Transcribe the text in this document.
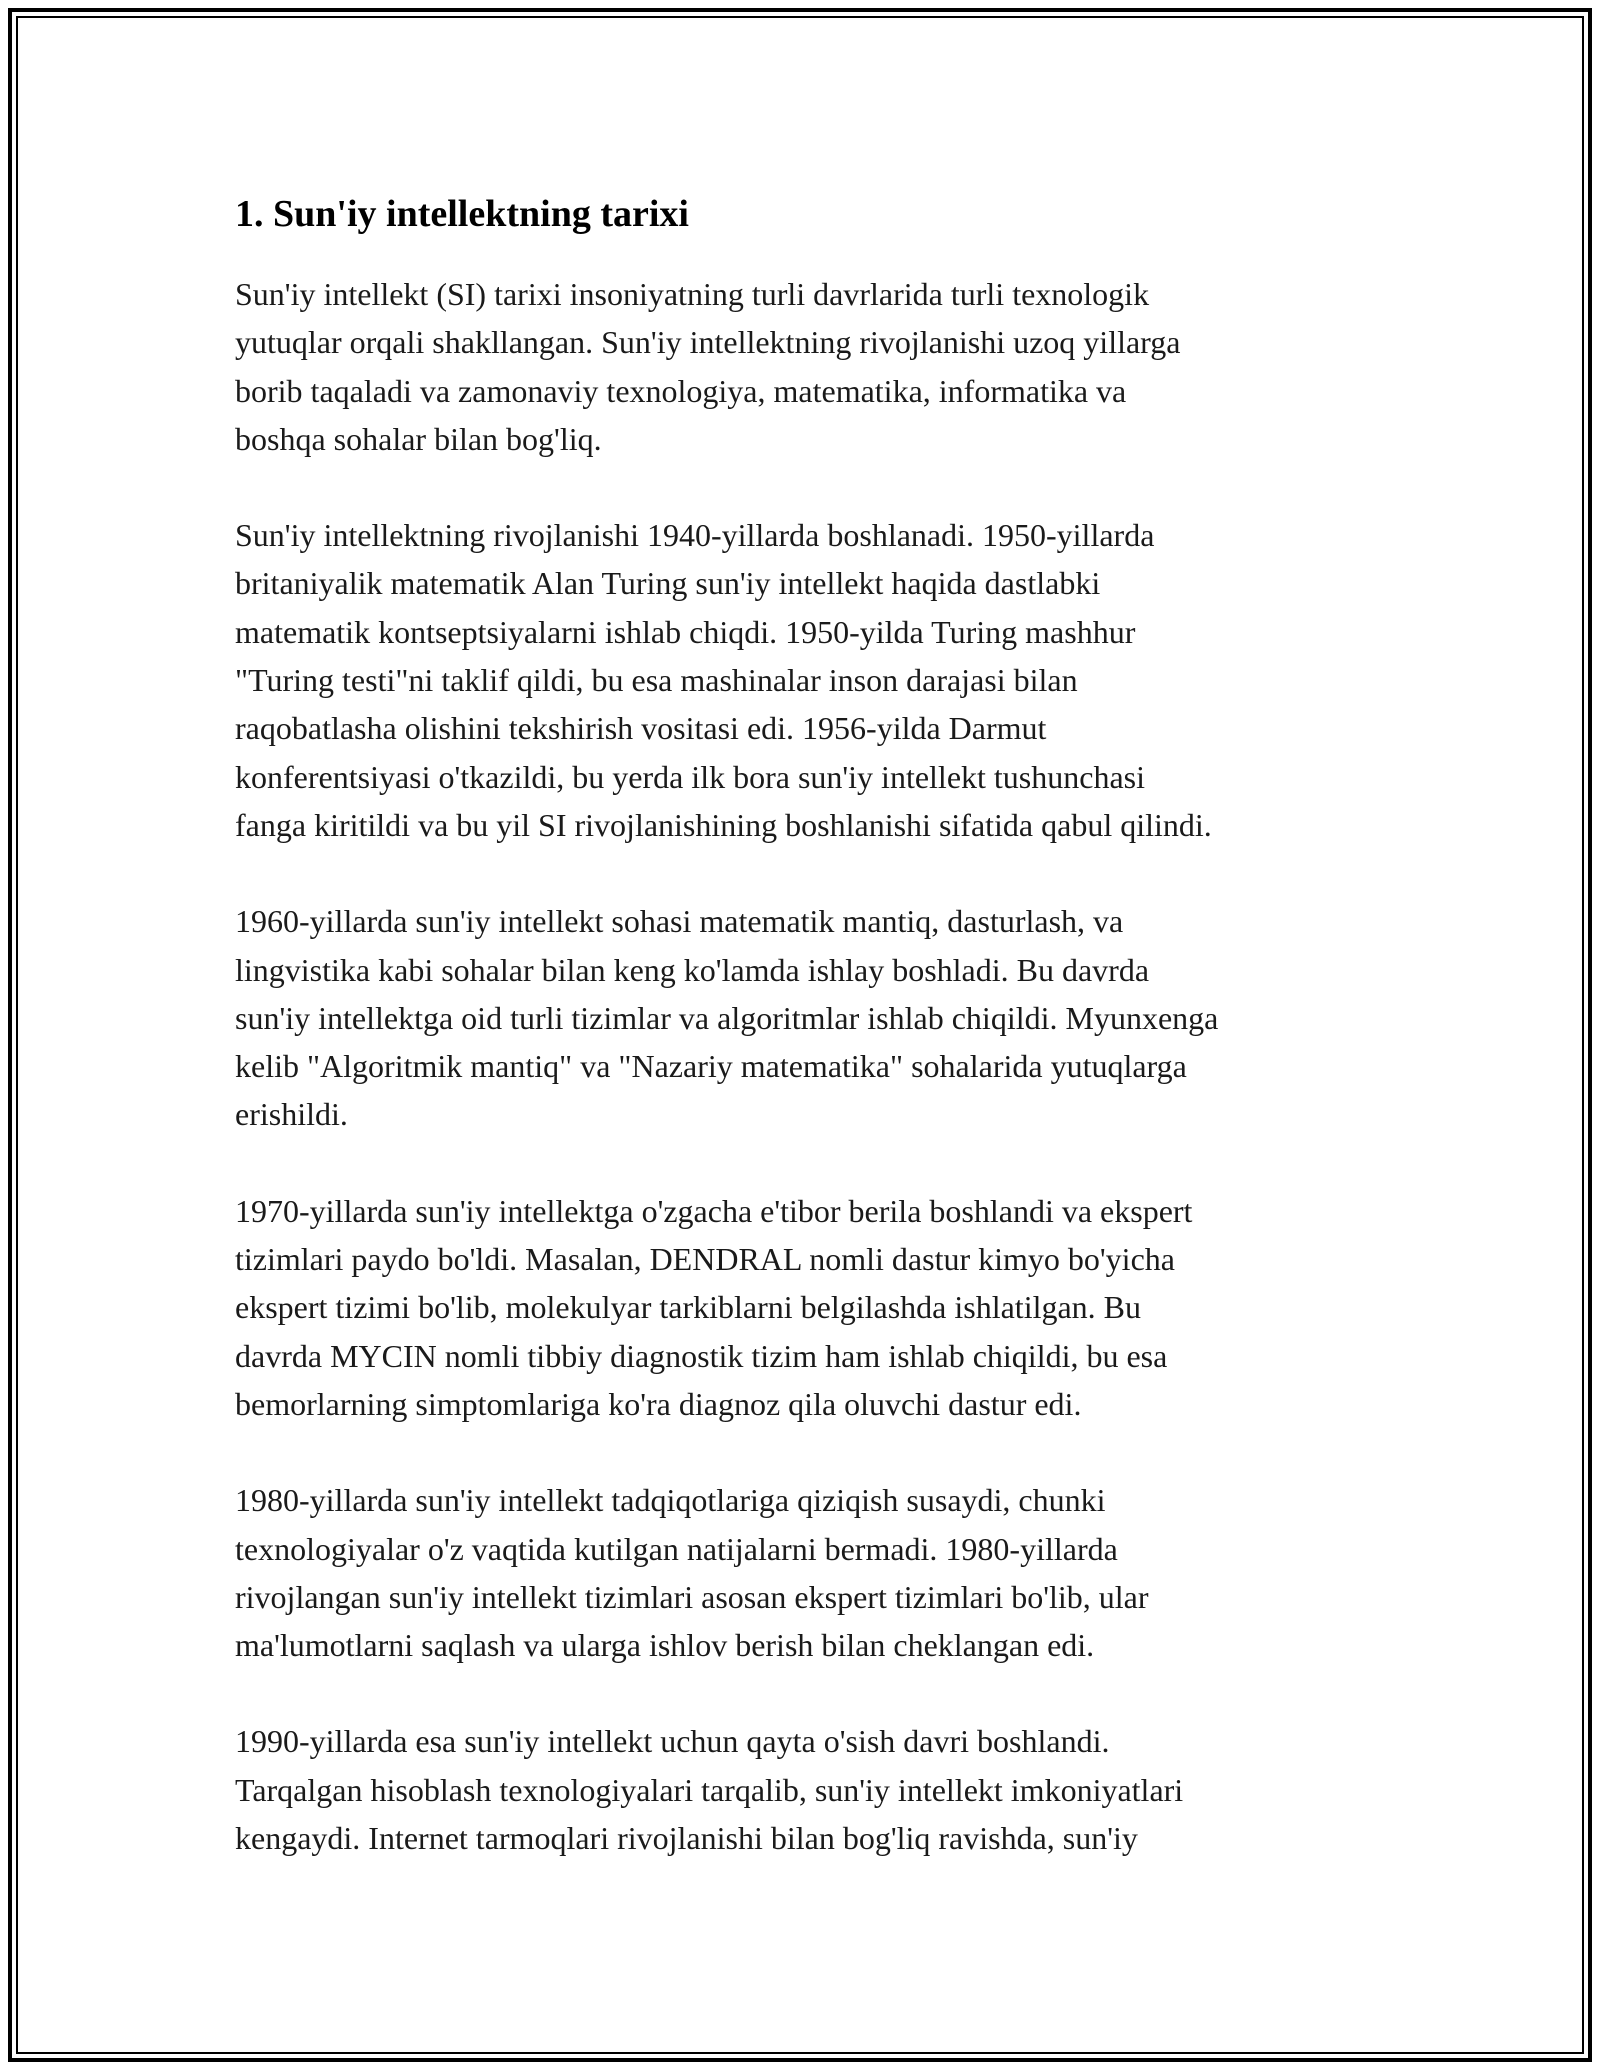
1. Sun'iy intellektning tarixi

Sun'iy intellekt (SI) tarixi insoniyatning turli davrlarida turli texnologik
yutuqlar orqali shakllangan. Sun'iy intellektning rivojlanishi uzoq yillarga
borib taqaladi va zamonaviy texnologiya, matematika, informatika va
boshqa sohalar bilan bog'liq.

Sun'iy intellektning rivojlanishi 1940-yillarda boshlanadi. 1950-yillarda
britaniyalik matematik Alan Turing sun'iy intellekt haqida dastlabki
matematik kontseptsiyalarni ishlab chiqdi. 1950-yilda Turing mashhur
"Turing testi"ni taklif qildi, bu esa mashinalar inson darajasi bilan
raqobatlasha olishini tekshirish vositasi edi. 1956-yilda Darmut
konferentsiyasi o'tkazildi, bu yerda ilk bora sun'iy intellekt tushunchasi
fanga kiritildi va bu yil SI rivojlanishining boshlanishi sifatida qabul qilindi.

1960-yillarda sun'iy intellekt sohasi matematik mantiq, dasturlash, va
lingvistika kabi sohalar bilan keng ko'lamda ishlay boshladi. Bu davrda
sun'iy intellektga oid turli tizimlar va algoritmlar ishlab chiqildi. Myunxenga
kelib "Algoritmik mantiq" va "Nazariy matematika" sohalarida yutuqlarga
erishildi.

1970-yillarda sun'iy intellektga o'zgacha e'tibor berila boshlandi va ekspert
tizimlari paydo bo'ldi. Masalan, DENDRAL nomli dastur kimyo bo'yicha
ekspert tizimi bo'lib, molekulyar tarkiblarni belgilashda ishlatilgan. Bu
davrda MYCIN nomli tibbiy diagnostik tizim ham ishlab chiqildi, bu esa
bemorlarning simptomlariga ko'ra diagnoz qila oluvchi dastur edi.

1980-yillarda sun'iy intellekt tadqiqotlariga qiziqish susaydi, chunki
texnologiyalar o'z vaqtida kutilgan natijalarni bermadi. 1980-yillarda
rivojlangan sun'iy intellekt tizimlari asosan ekspert tizimlari bo'lib, ular
ma'lumotlarni saqlash va ularga ishlov berish bilan cheklangan edi.

1990-yillarda esa sun'iy intellekt uchun qayta o'sish davri boshlandi.
Tarqalgan hisoblash texnologiyalari tarqalib, sun'iy intellekt imkoniyatlari
kengaydi. Internet tarmoqlari rivojlanishi bilan bog'liq ravishda, sun'iy
